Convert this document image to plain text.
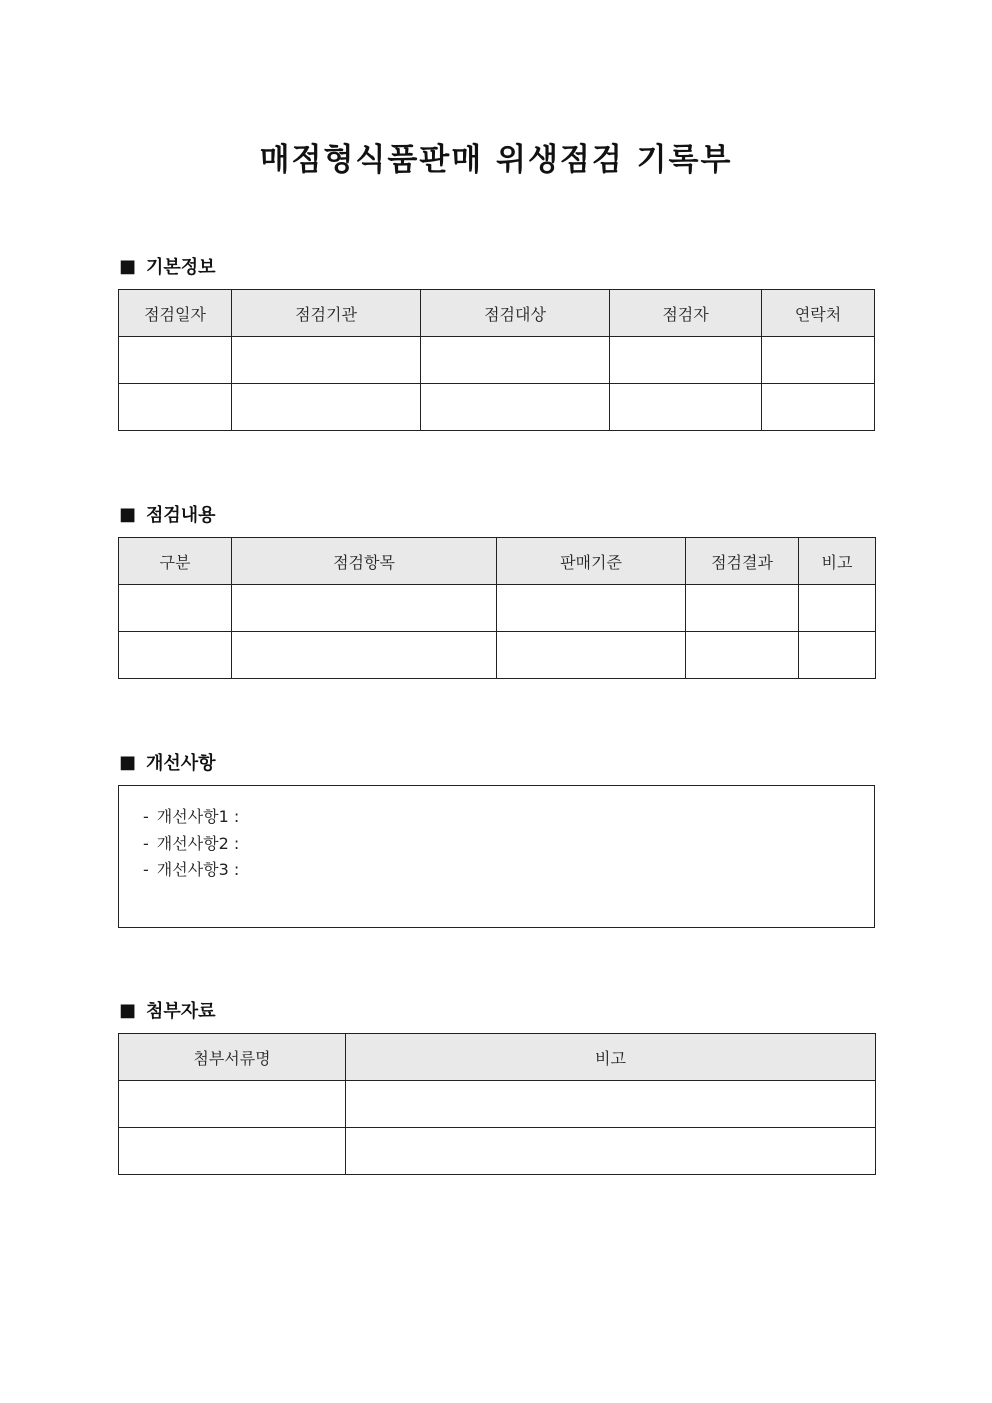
매점형식품판매 위생점검 기록부
■ 기본정보
점검일자	점검기관	점검대상	점검자	연락처

■ 점검내용
구분	점검항목	판매기준	점검결과	비고

■ 개선사항
- 개선사항1 :
- 개선사항2 :
- 개선사항3 :
■ 첨부자료
첨부서류명	비고
